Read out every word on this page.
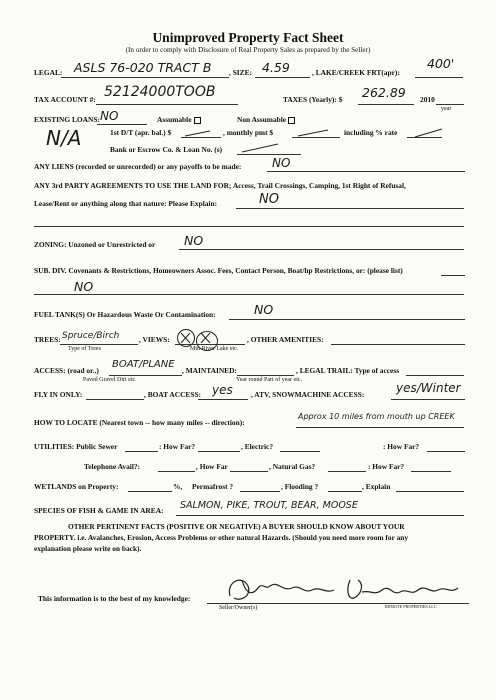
Unimproved Property Fact Sheet
(In order to comply with Disclosure of Real Property Sales as prepared by the Seller)
LEGAL: ASLS 76-020 TRACT B , SIZE: 4.59	, LAKE/CREEK FRT(apr):
400'
TAX ACCOUNT #: 52124000TOOB	TAXES (Yearly): $ 262.89 2010
year
EXISTING LOANS: NO	Assumable	Non Assumable
N/A	1st D/T (apr. bal.) $	, monthly pmt $	including % rate
Bank or Escrow Co. & Loan No. (s)
ANY LIENS (recorded or unrecorded) or any payoffs to be made:	NO
ANY 3rd PARTY AGREEMENTS TO USE THE LAND FOR; Access, Trail Crossings, Camping, 1st Right of Refusal,
Lease/Rent or anything along that nature: Please Explain:	NO
ZONING: Unzoned or Unrestricted or NO
SUB. DIV. Covenants & Restrictions, Homeowners Assoc. Fees, Contact Person, Boat/hp Restrictions, or: (please list)
NO
FUEL TANK(S) Or Hazardous Waste Or Contamination:	NO
TREES: Spruce/Birch
Type of Trees
, VIEWS:
Mtn River Lake etc.
, OTHER AMENITIES:
ACCESS: (road or..)
BOAT/PLANE
Paved Gravel Dirt etc.
, MAINTAINED:
Year round Part of year etc.
, LEGAL TRAIL: Type of access
FLY IN ONLY:	, BOAT ACCESS: yes , ATV, SNOWMACHINE ACCESS:	yes/Winter
HOW TO LOCATE (Nearest town -- how many miles -- direction):
Approx 10 miles from mouth up CREEK
UTILITIES: Public Sewer	: How Far?	, Electric?	: How Far?
Telephone Avail?:	, How Far	, Natural Gas?	: How Far?
WETLANDS on Property:	%, Permafrost ?	, Flooding ?	, Explain
SPECIES OF FISH & GAME IN AREA: SALMON, PIKE, TROUT, BEAR, MOOSE
OTHER PERTINENT FACTS (POSITIVE OR NEGATIVE) A BUYER SHOULD KNOW ABOUT YOUR
PROPERTY. i.e. Avalanches, Erosion, Access Problems or other natural Hazards. (Should you need more room for any
explanation please write on back).
This information is to the best of my knowledge:
Seller/Owner(s)	REMOTE PROPERTIES LLC
